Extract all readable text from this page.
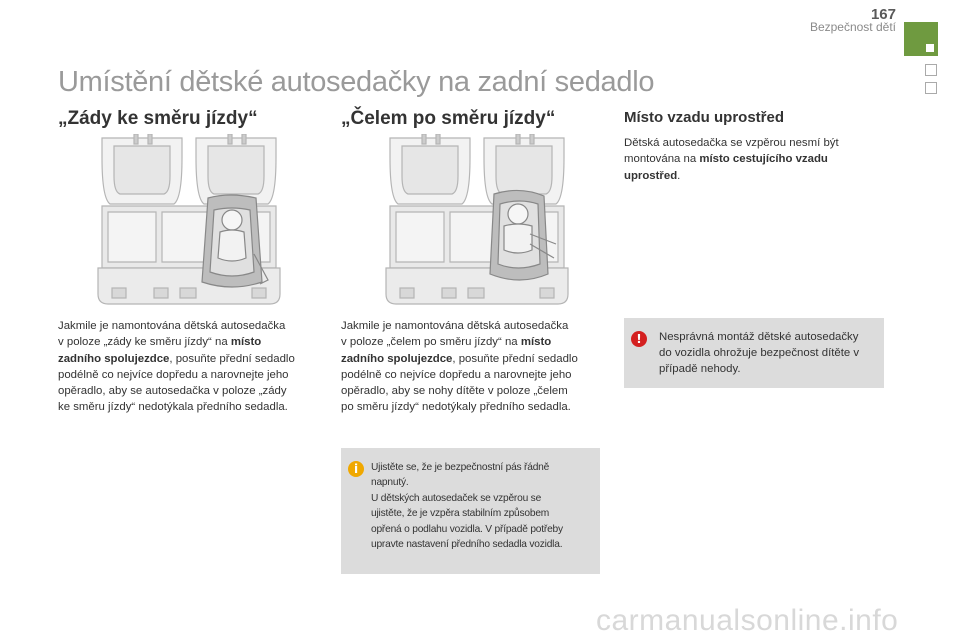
167
Bezpečnost dětí
Umístění dětské autosedačky na zadní sedadlo
„Zády ke směru jízdy“	„Čelem po směru jízdy“	Místo vzadu uprostřed
Jakmile je namontována dětská autosedačka
v poloze „zády ke směru jízdy“ na místo
zadního spolujezdce, posuňte přední sedadlo
podélně co nejvíce dopředu a narovnejte jeho
opěradlo, aby se autosedačka v poloze „zády
ke směru jízdy“ nedotýkala předního sedadla.
Jakmile je namontována dětská autosedačka
v poloze „čelem po směru jízdy“ na místo
zadního spolujezdce, posuňte přední sedadlo
podélně co nejvíce dopředu a narovnejte jeho
opěradlo, aby se nohy dítěte v poloze „čelem
po směru jízdy“ nedotýkaly předního sedadla.
Dětská autosedačka se vzpěrou nesmí být
montována na místo cestujícího vzadu
uprostřed.
!	Nesprávná montáž dětské autosedačky
do vozidla ohrožuje bezpečnost dítěte v
případě nehody.
i	Ujistěte se, že je bezpečnostní pás řádně
napnutý.
U dětských autosedaček se vzpěrou se
ujistěte, že je vzpěra stabilním způsobem
opřená o podlahu vozidla. V případě potřeby
upravte nastavení předního sedadla vozidla.
carmanualsonline.info
